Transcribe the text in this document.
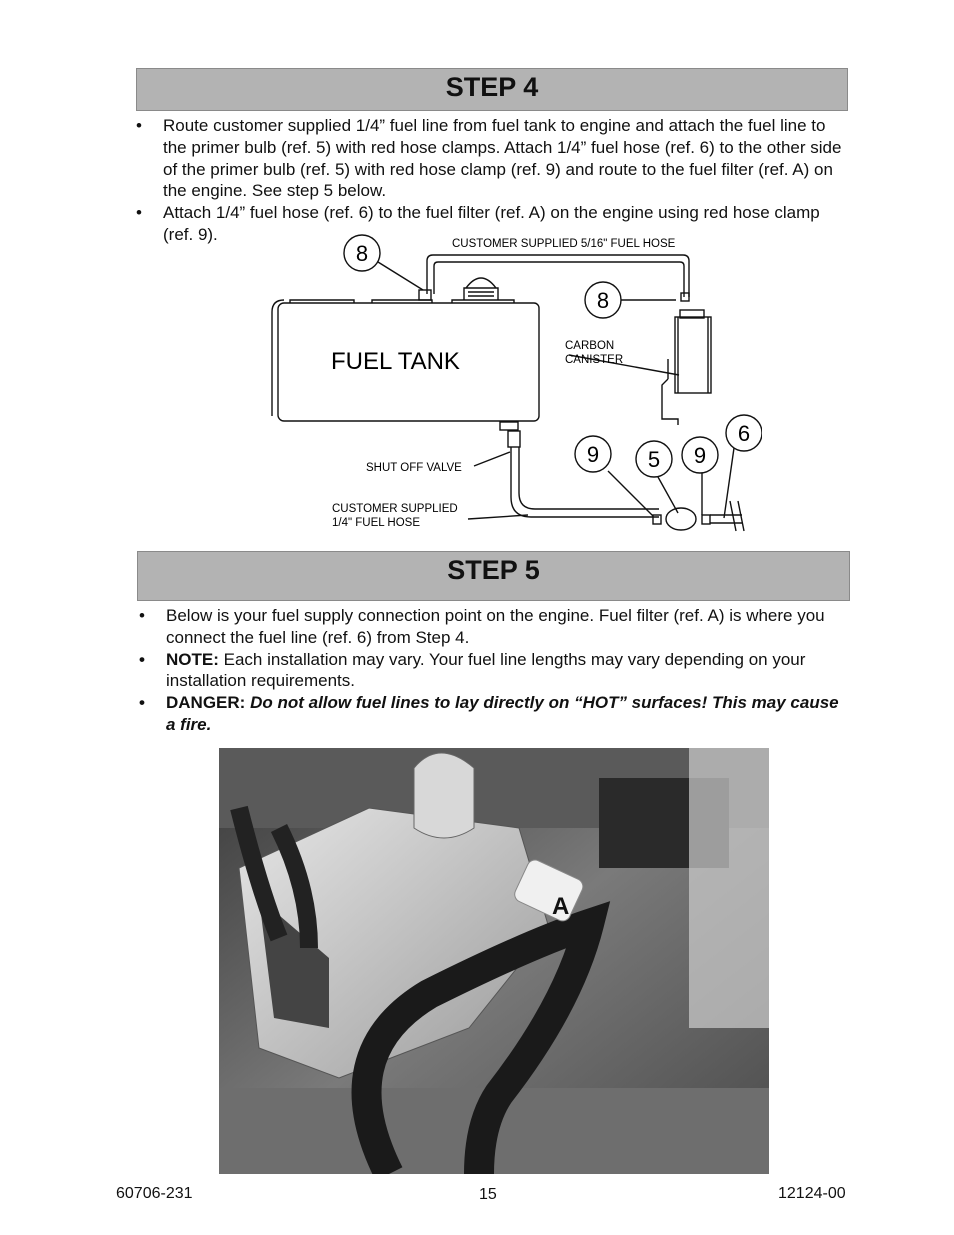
STEP 4
•	Route customer supplied 1/4” fuel line from fuel tank to engine and attach the fuel line to the primer bulb (ref. 5) with red hose clamps. Attach 1/4” fuel hose (ref. 6) to the other side of the primer bulb (ref. 5) with red hose clamp (ref. 9) and route to the fuel filter (ref. A) on the engine. See step 5 below.
•	Attach 1/4” fuel hose (ref. 6) to the fuel filter (ref. A) on the engine using red hose clamp (ref. 9).
CUSTOMER SUPPLIED 5/16" FUEL HOSE
CARBON
CANISTER
SHUT OFF VALVE
CUSTOMER SUPPLIED
1/4" FUEL HOSE
FUEL TANK
8
8
9 5 9
6
STEP 5
•	Below is your fuel supply connection point on the engine. Fuel filter (ref. A) is where you connect the fuel line (ref. 6) from Step 4.
•	NOTE: Each installation may vary. Your fuel line lengths may vary depending on your installation requirements.
•	DANGER: Do not allow fuel lines to lay directly on “HOT” surfaces! This may cause a fire.
A
60706-231	15	12124-00
